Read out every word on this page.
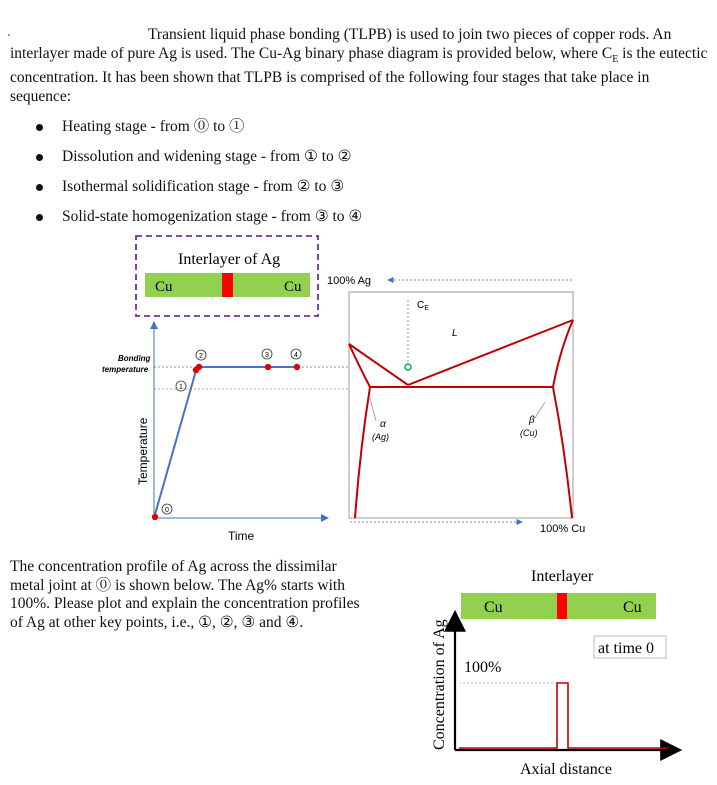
Transient liquid phase bonding (TLPB) is used to join two pieces of copper rods. An interlayer made of pure Ag is used. The Cu-Ag binary phase diagram is provided below, where $C_E$ is the eutectic concentration. It has been shown that TLPB is comprised of the following four stages that take place in sequence:

Heating stage - from ⓪ to ①
Dissolution and widening stage - from ① to ②
Isothermal solidification stage - from ② to ③
Solid-state homogenization stage - from ③ to ④
Interlayer of Ag
Cu	Cu
Temperature
Time
Bonding
temperature
0
1
2	3	4
100% Ag
100% Cu
$C_E$
L
α
(Ag)
β
(Cu)
Interlayer
Cu	Cu
at time 0
Concentration of Ag
Axial distance
100%
The concentration profile of Ag across the dissimilar
metal joint at ⓪ is shown below. The Ag% starts with
100%. Please plot and explain the concentration profiles
of Ag at other key points, i.e., ①, ②, ③ and ④.
